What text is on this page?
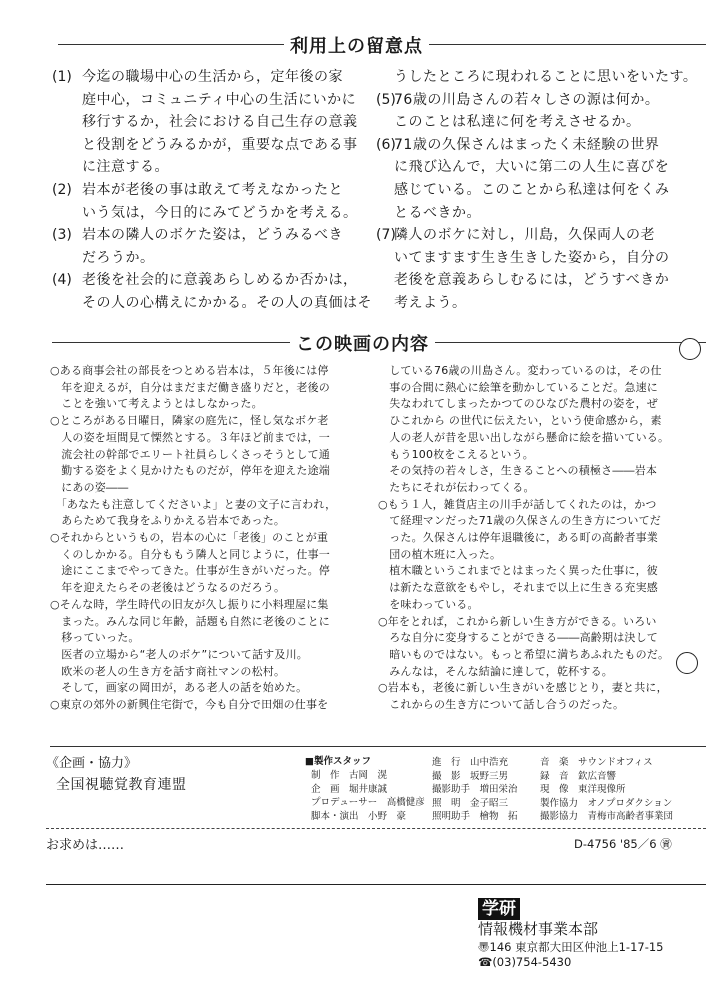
利用上の留意点
(1) 今迄の職場中心の生活から，定年後の家
庭中心，コミュニティ中心の生活にいかに
移行するか，社会における自己生存の意義
と役割をどうみるかが，重要な点である事
に注意する。
(2) 岩本が老後の事は敢えて考えなかったと
いう気は，今日的にみてどうかを考える。
(3) 岩本の隣人のボケた姿は，どうみるべき
だろうか。
(4) 老後を社会的に意義あらしめるか否かは，
その人の心構えにかかる。その人の真価はそ
うしたところに現われることに思いをいたす。
(5)
76歳の川島さんの若々しさの源は何か。
このことは私達に何を考えさせるか。
(6)
71歳の久保さんはまったく未経験の世界
に飛び込んで，大いに第二の人生に喜びを
感じている。このことから私達は何をくみ
とるべきか。
(7)
隣人のボケに対し，川島，久保両人の老
いてますます生き生きした姿から，自分の
老後を意義あらしむるには，どうすべきか
考えよう。
この映画の内容
○ある商事会社の部長をつとめる岩本は，５年後には停
　年を迎えるが，自分はまだまだ働き盛りだと，老後の
　ことを強いて考えようとはしなかった。
○ところがある日曜日，隣家の庭先に，怪し気なボケ老
　人の姿を垣間見て慄然とする。３年ほど前までは，一
　流会社の幹部でエリート社員らしくさっそうとして通
　勤する姿をよく見かけたものだが，停年を迎えた途端
　にあの姿――
　「あなたも注意してくださいよ」と妻の文子に言われ，
　あらためて我身をふりかえる岩本であった。
○それからというもの，岩本の心に「老後」のことが重
　くのしかかる。自分ももう隣人と同じように，仕事一
　途にここまでやってきた。仕事が生きがいだった。停
　年を迎えたらその老後はどうなるのだろう。
○そんな時，学生時代の旧友が久し振りに小料理屋に集
　まった。みんな同じ年齢，話題も自然に老後のことに
　移っていった。
　医者の立場から“老人のボケ”について話す及川。
　欧米の老人の生き方を話す商社マンの松村。
　そして，画家の岡田が，ある老人の話を始めた。
○東京の郊外の新興住宅街で，今も自分で田畑の仕事を
　している76歳の川島さん。変わっているのは，その仕
　事の合間に熱心に絵筆を動かしていることだ。急速に
　失なわれてしまったかつてのひなびた農村の姿を，ぜ
　ひこれから の世代に伝えたい，という使命感から，素
　人の老人が昔を思い出しながら懸命に絵を描いている。
　もう100枚をこえるという。
　その気持の若々しさ，生きることへの積極さ――岩本
　たちにそれが伝わってくる。
○もう１人，雑貨店主の川手が話してくれたのは，かつ
　て経理マンだった71歳の久保さんの生き方についてだ
　った。久保さんは停年退職後に，ある町の高齢者事業
　団の植木班に入った。
　植木職というこれまでとはまったく異った仕事に，彼
　は新たな意欲をもやし，それまで以上に生きる充実感
　を味わっている。
○年をとれば，これから新しい生き方ができる。いろい
　ろな自分に変身することができる――高齢期は決して
　暗いものではない。もっと希望に満ちあふれたものだ。
　みんなは，そんな結論に達して，乾杯する。
○岩本も，老後に新しい生きがいを感じとり，妻と共に，
　これからの生き方について話し合うのだった。
《企画・協力》
全国視聴覚教育連盟
■製作スタッフ
制　作　古岡　滉
企　画　堀井康誠
プロデューサー　高橋健彦
脚本・演出　小野　豪
進　行　山中浩充
撮　影　坂野三男
撮影助手　増田栄治
照　明　金子昭三
照明助手　檜物　拓
音　楽　サウンドオフィス
録　音　欽広音響
現　像　東洋現像所
製作協力　オノプロダクション
撮影協力　青梅市高齢者事業団
お求めは……	D-4756 '85／6 ㊮
学研
情報機材事業本部
〠146 東京都大田区仲池上1-17-15
☎(03)754-5430
